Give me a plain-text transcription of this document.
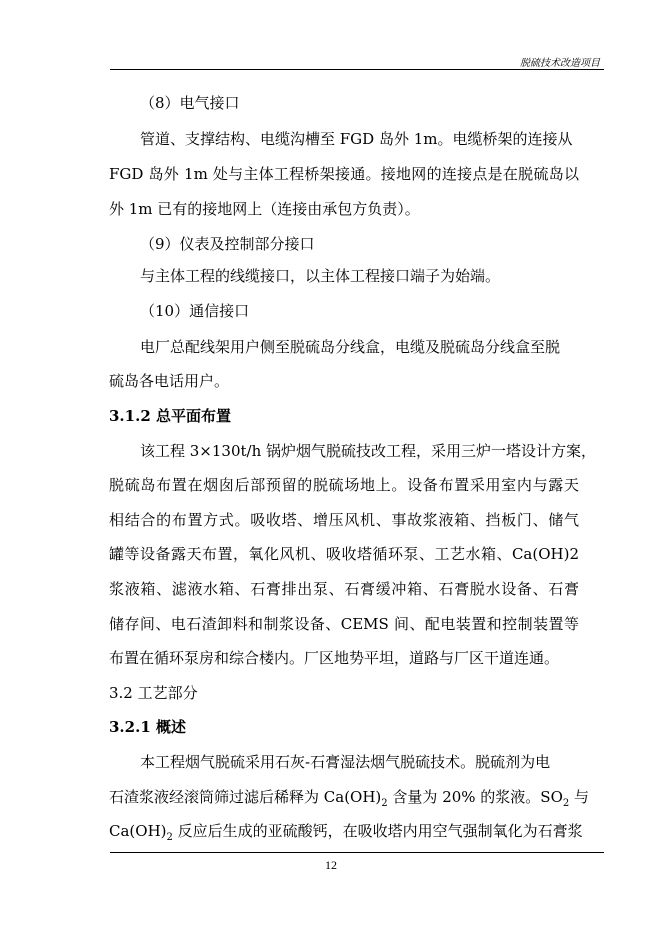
脱硫技术改造项目
（8）电气接口
管道、支撑结构、电缆沟槽至 FGD 岛外 1m。电缆桥架的连接从
FGD 岛外 1m 处与主体工程桥架接通。接地网的连接点是在脱硫岛以
外 1m 已有的接地网上（连接由承包方负责）。
（9）仪表及控制部分接口
与主体工程的线缆接口，以主体工程接口端子为始端。
（10）通信接口
电厂总配线架用户侧至脱硫岛分线盒，电缆及脱硫岛分线盒至脱
硫岛各电话用户。
3.1.2 总平面布置
该工程 3×130t/h 锅炉烟气脱硫技改工程，采用三炉一塔设计方案，
脱硫岛布置在烟囱后部预留的脱硫场地上。设备布置采用室内与露天
相结合的布置方式。吸收塔、增压风机、事故浆液箱、挡板门、储气
罐等设备露天布置，氧化风机、吸收塔循环泵、工艺水箱、Ca(OH)2
浆液箱、滤液水箱、石膏排出泵、石膏缓冲箱、石膏脱水设备、石膏
储存间、电石渣卸料和制浆设备、CEMS 间、配电装置和控制装置等
布置在循环泵房和综合楼内。厂区地势平坦，道路与厂区干道连通。
3.2 工艺部分
3.2.1 概述
本工程烟气脱硫采用石灰-石膏湿法烟气脱硫技术。脱硫剂为电
石渣浆液经滚筒筛过滤后稀释为 $Ca(OH)_2$ 含量为 20% 的浆液。$SO_2$ 与
$Ca(OH)_2$ 反应后生成的亚硫酸钙，在吸收塔内用空气强制氧化为石膏浆
12
